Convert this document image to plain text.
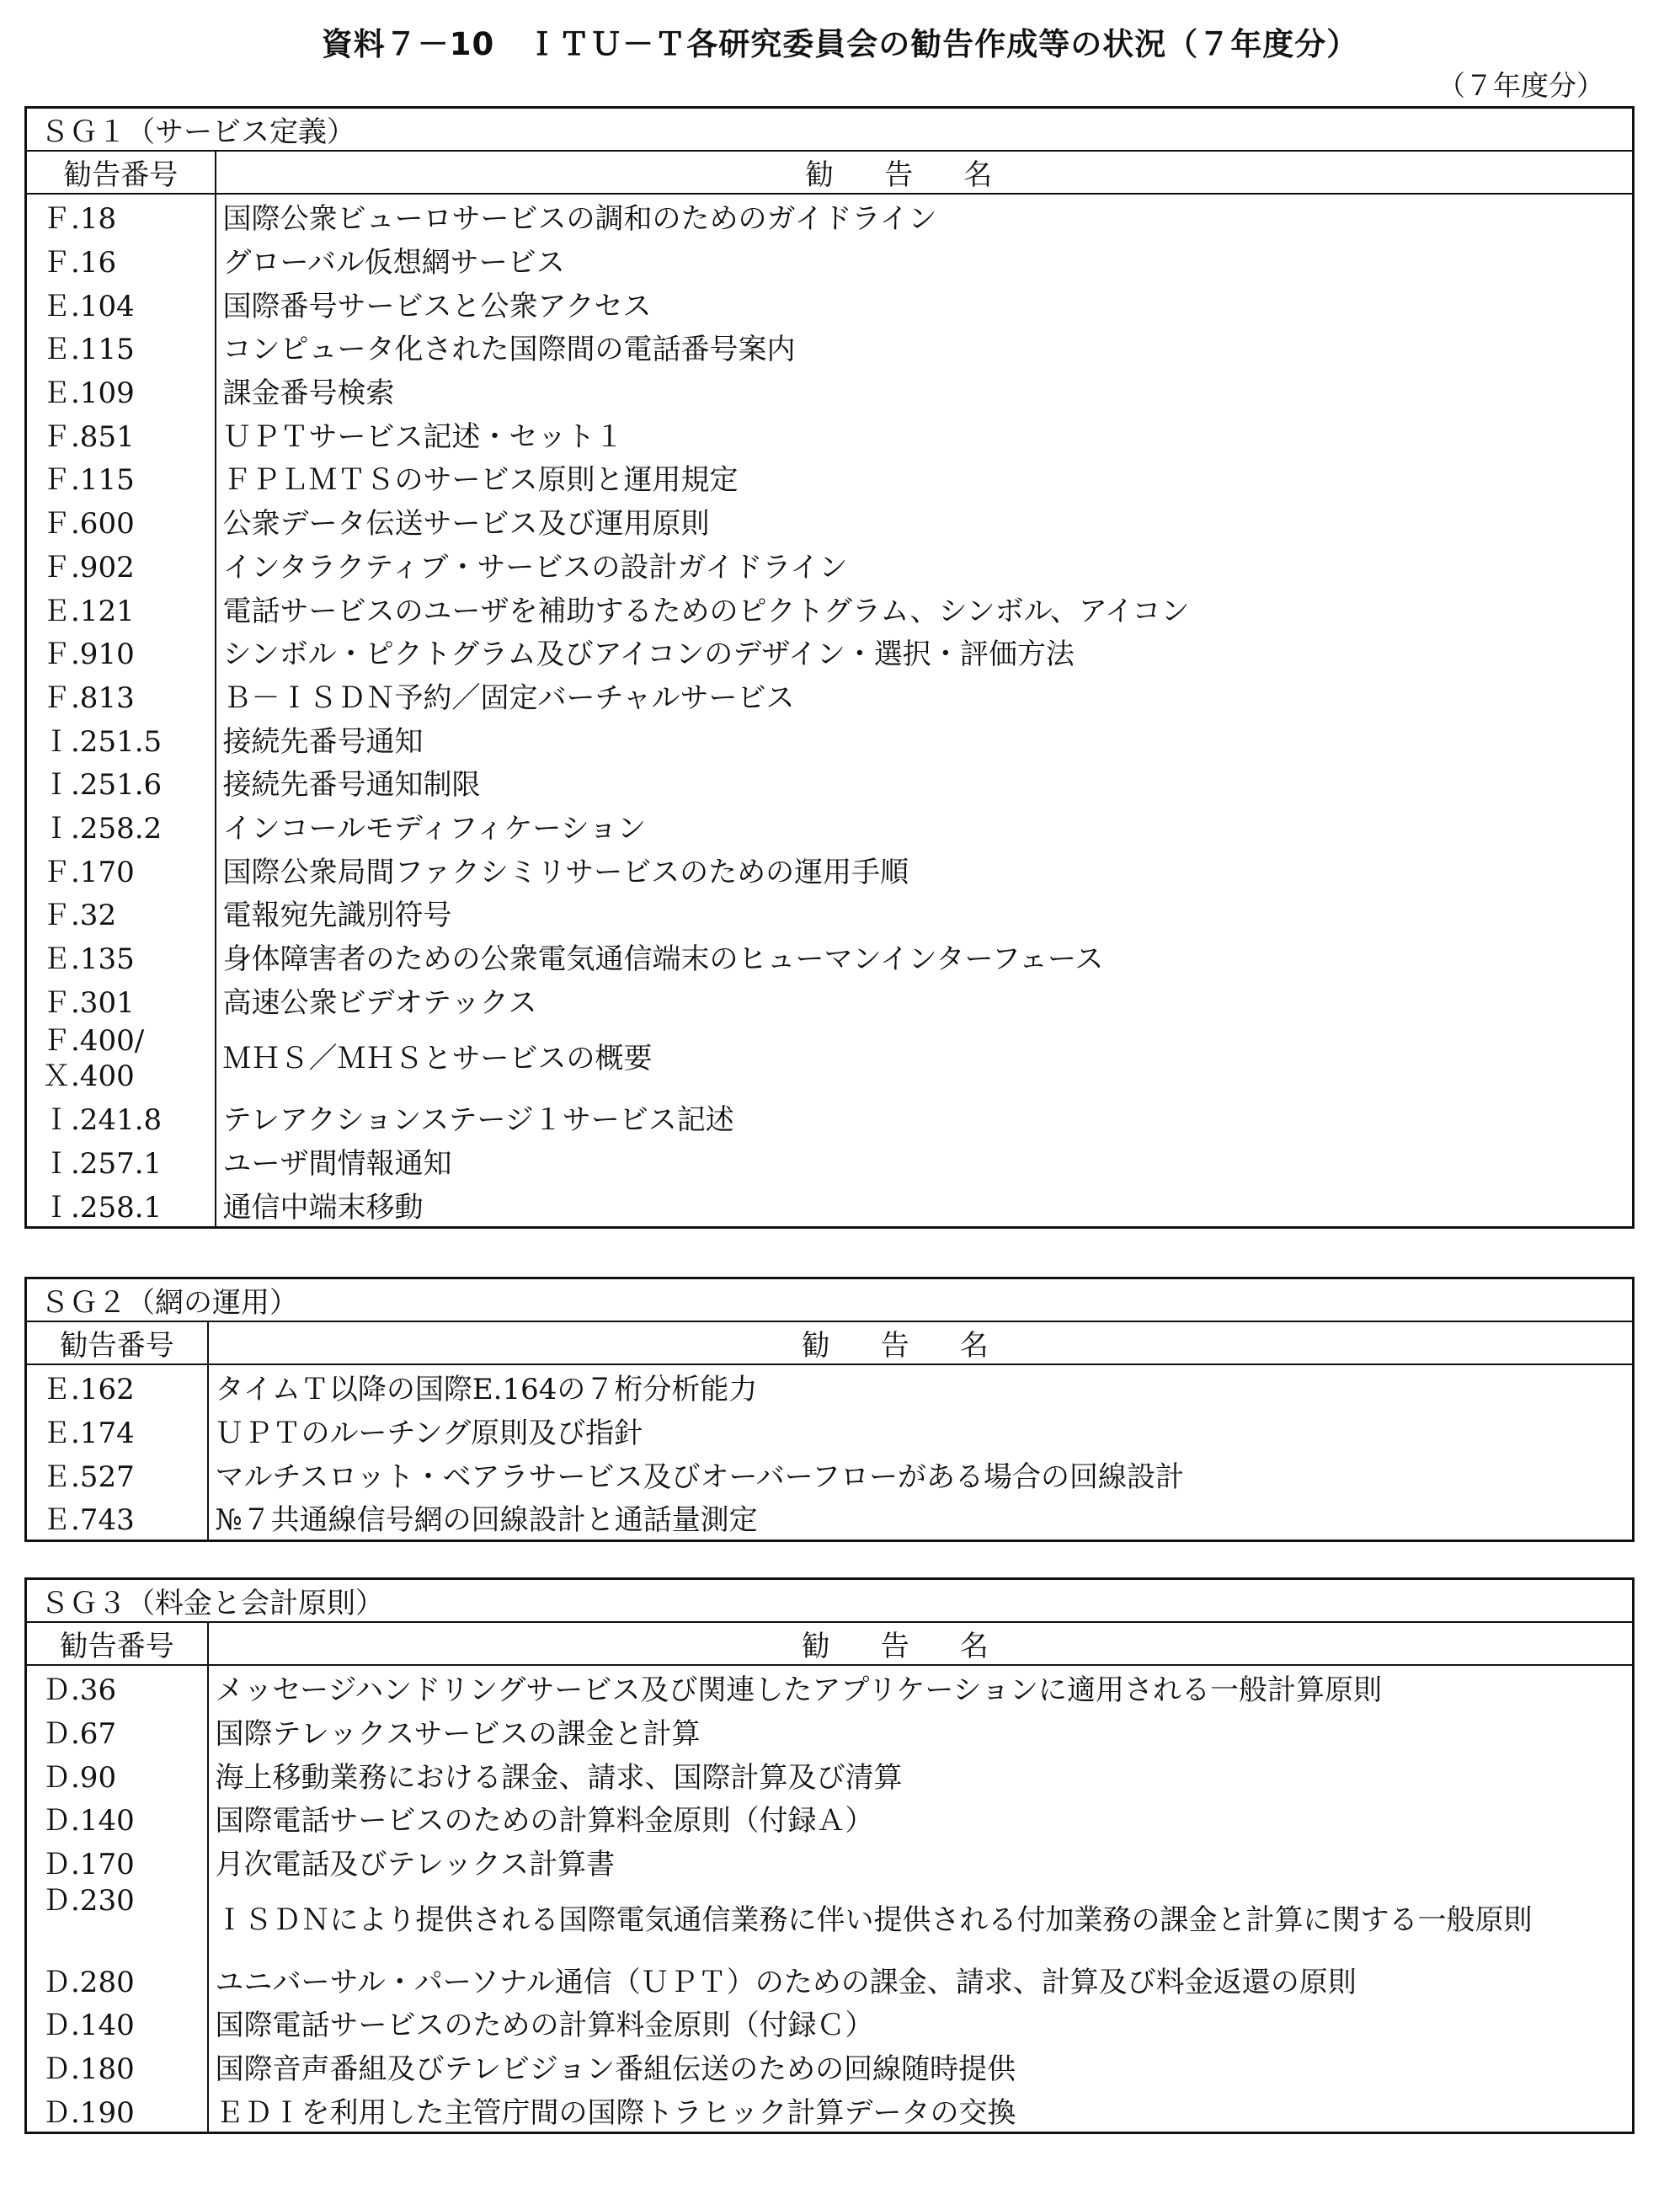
資料７－10　ＩＴＵ－Ｔ各研究委員会の勧告作成等の状況（７年度分）
（７年度分）
ＳＧ１（サービス定義）	
勧告番号	勧告名
Ｆ.18	国際公衆ビューロサービスの調和のためのガイドライン
Ｆ.16	グローバル仮想網サービス
Ｅ.104	国際番号サービスと公衆アクセス
Ｅ.115	コンピュータ化された国際間の電話番号案内
Ｅ.109	課金番号検索
Ｆ.851	ＵＰＴサービス記述・セット１
Ｆ.115	ＦＰＬＭＴＳのサービス原則と運用規定
Ｆ.600	公衆データ伝送サービス及び運用原則
Ｆ.902	インタラクティブ・サービスの設計ガイドライン
Ｅ.121	電話サービスのユーザを補助するためのピクトグラム、シンボル、アイコン
Ｆ.910	シンボル・ピクトグラム及びアイコンのデザイン・選択・評価方法
Ｆ.813	Ｂ－ＩＳＤＮ予約／固定バーチャルサービス
Ｉ.251.5	接続先番号通知
Ｉ.251.6	接続先番号通知制限
Ｉ.258.2	インコールモディフィケーション
Ｆ.170	国際公衆局間ファクシミリサービスのための運用手順
Ｆ.32	電報宛先識別符号
Ｅ.135	身体障害者のための公衆電気通信端末のヒューマンインターフェース
Ｆ.301	高速公衆ビデオテックス
Ｆ.400/
Ｘ.400	ＭＨＳ／ＭＨＳとサービスの概要
Ｉ.241.8	テレアクションステージ１サービス記述
Ｉ.257.1	ユーザ間情報通知
Ｉ.258.1	通信中端末移動
ＳＧ２（網の運用）	
勧告番号	勧告名
Ｅ.162	タイムＴ以降の国際E.164の７桁分析能力
Ｅ.174	ＵＰＴのルーチング原則及び指針
Ｅ.527	マルチスロット・ベアラサービス及びオーバーフローがある場合の回線設計
Ｅ.743	№７共通線信号網の回線設計と通話量測定
ＳＧ３（料金と会計原則）	
勧告番号	勧告名
Ｄ.36	メッセージハンドリングサービス及び関連したアプリケーションに適用される一般計算原則
Ｄ.67	国際テレックスサービスの課金と計算
Ｄ.90	海上移動業務における課金、請求、国際計算及び清算
Ｄ.140	国際電話サービスのための計算料金原則（付録Ａ）
Ｄ.170	月次電話及びテレックス計算書
Ｄ.230	ＩＳＤＮにより提供される国際電気通信業務に伴い提供される付加業務の課金と計算に関する一般原則
Ｄ.280	ユニバーサル・パーソナル通信（ＵＰＴ）のための課金、請求、計算及び料金返還の原則
Ｄ.140	国際電話サービスのための計算料金原則（付録Ｃ）
Ｄ.180	国際音声番組及びテレビジョン番組伝送のための回線随時提供
Ｄ.190	ＥＤＩを利用した主管庁間の国際トラヒック計算データの交換
